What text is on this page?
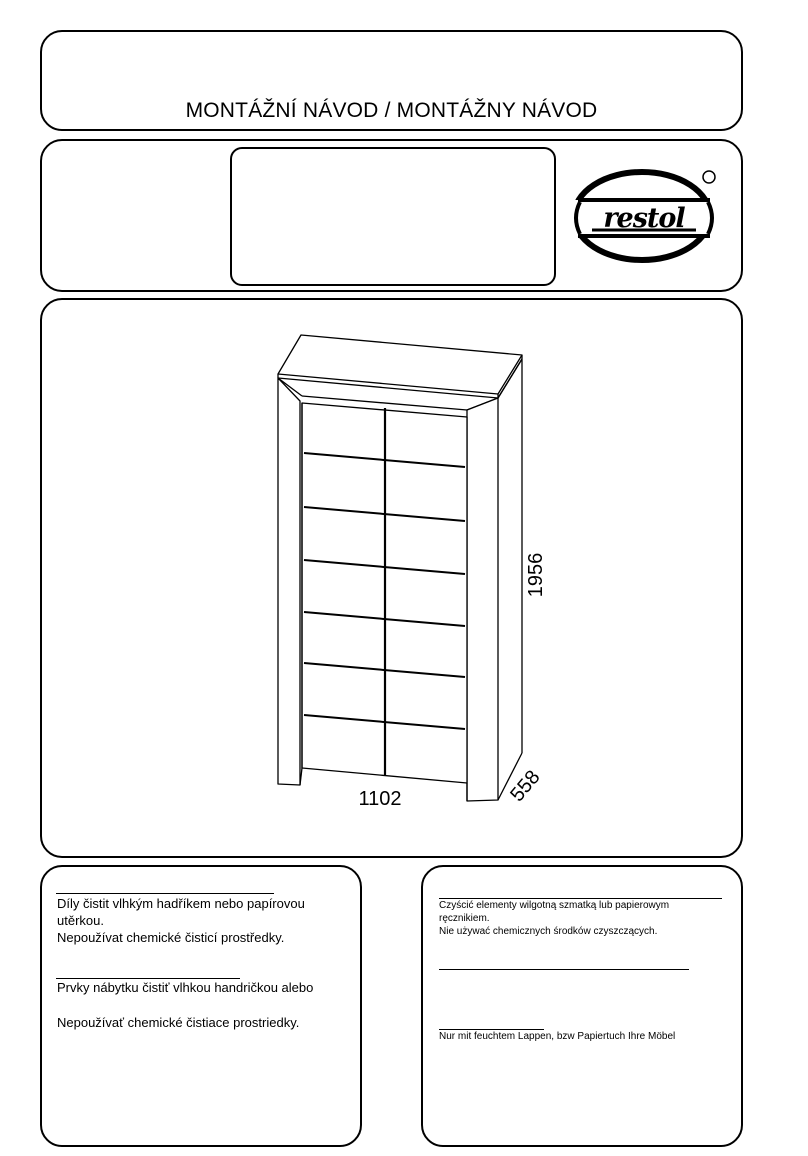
MONTÁŽNÍ NÁVOD / MONTÁŽNY NÁVOD
restol
1956
1102	558
Díly čistit vlhkým hadříkem nebo papírovou
utěrkou.
Nepoužívat chemické čisticí prostředky.
Prvky nábytku čistiť vlhkou handričkou alebo
Nepoužívať chemické čistiace prostriedky.
Czyścić elementy wilgotną szmatką lub papierowym
ręcznikiem.
Nie używać chemicznych środków czyszczących.
Nur mit feuchtem Lappen, bzw Papiertuch Ihre Möbel
